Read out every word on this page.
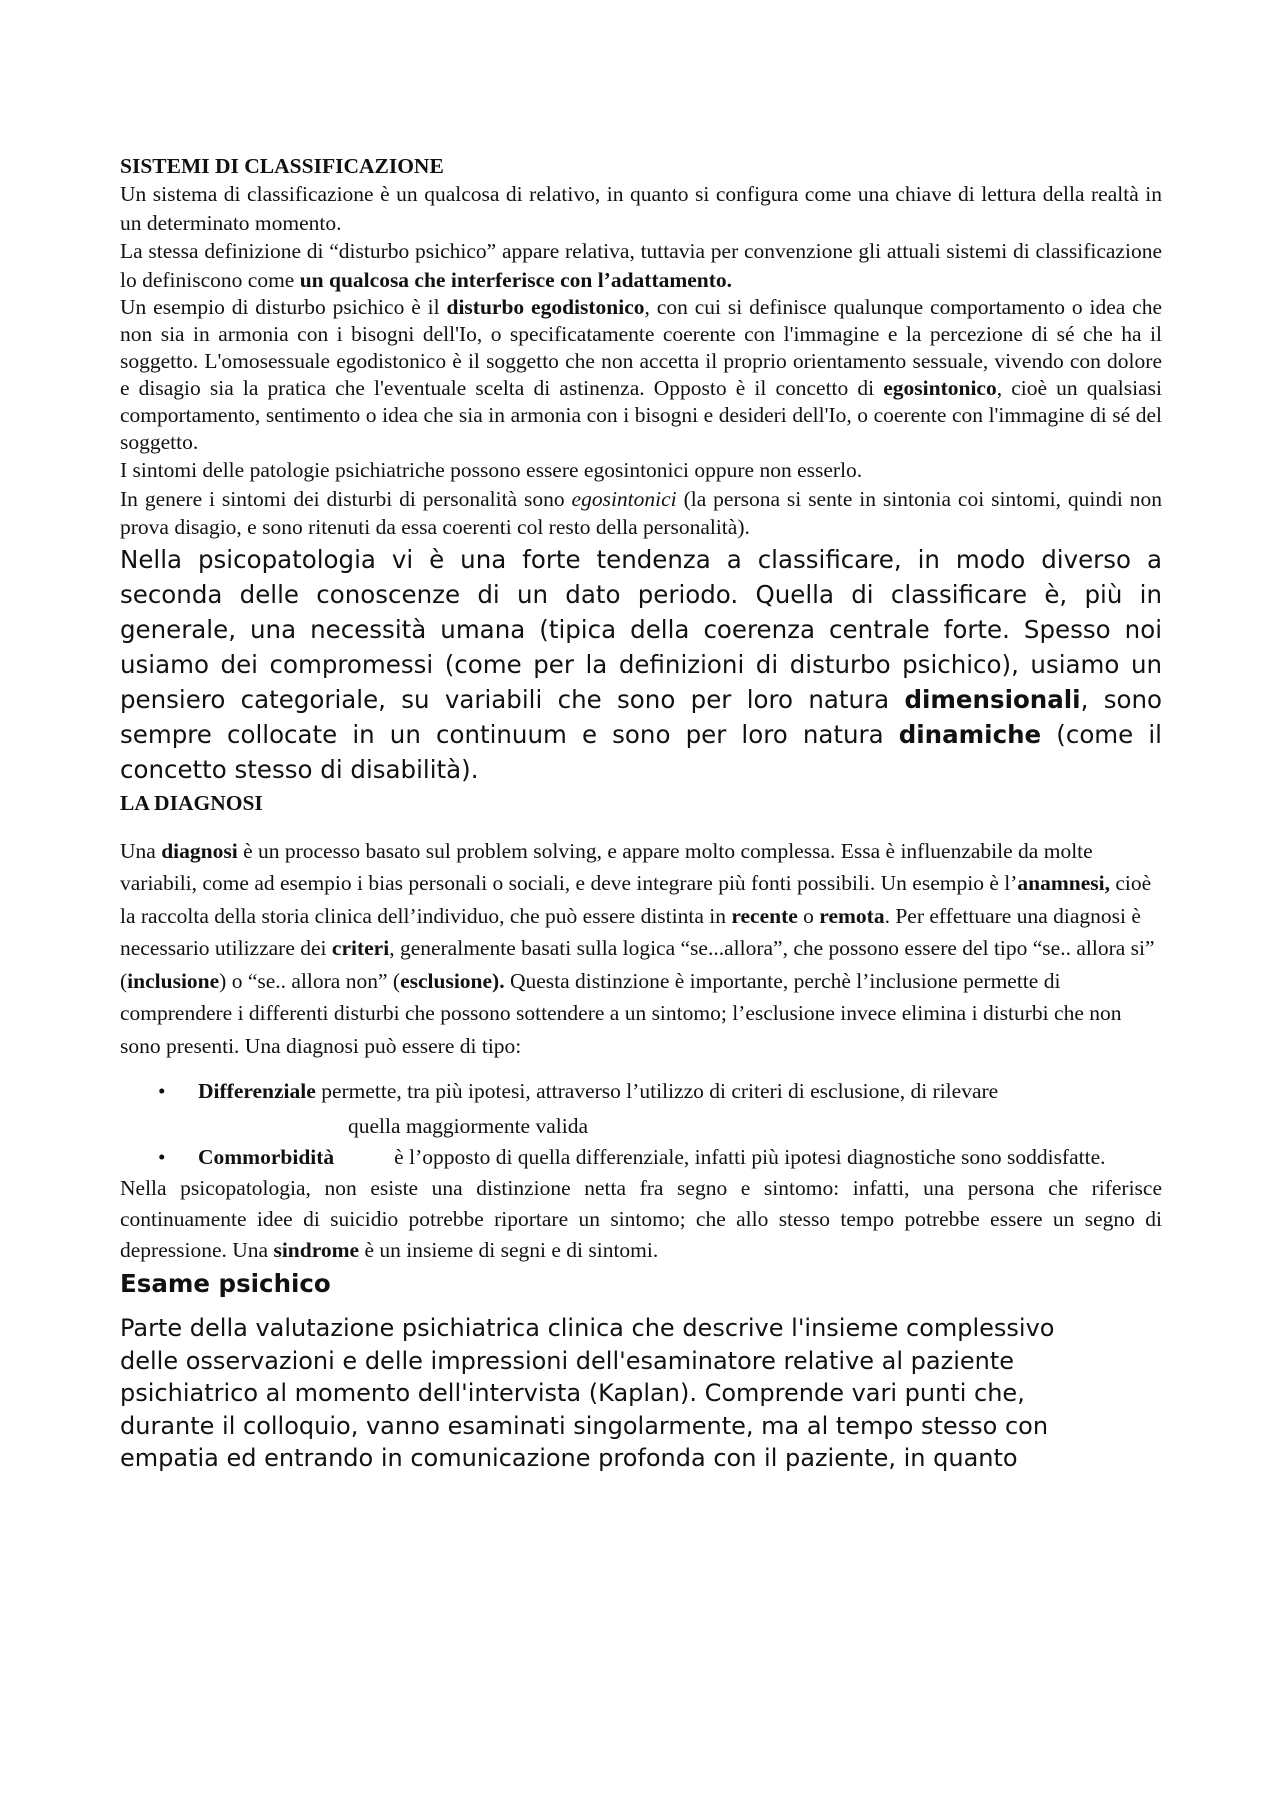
SISTEMI DI CLASSIFICAZIONE

Un sistema di classificazione è un qualcosa di relativo, in quanto si configura come una chiave di lettura della realtà in un determinato momento.

La stessa definizione di “disturbo psichico” appare relativa, tuttavia per convenzione gli attuali sistemi di classificazione lo definiscono come un qualcosa che interferisce con l’adattamento.

Un esempio di disturbo psichico è il disturbo egodistonico, con cui si definisce qualunque comportamento o idea che non sia in armonia con i bisogni dell'Io, o specificatamente coerente con l'immagine e la percezione di sé che ha il soggetto. L'omosessuale egodistonico è il soggetto che non accetta il proprio orientamento sessuale, vivendo con dolore e disagio sia la pratica che l'eventuale scelta di astinenza. Opposto è il concetto di egosintonico, cioè un qualsiasi comportamento, sentimento o idea che sia in armonia con i bisogni e desideri dell'Io, o coerente con l'immagine di sé del soggetto.

I sintomi delle patologie psichiatriche possono essere egosintonici oppure non esserlo.

In genere i sintomi dei disturbi di personalità sono egosintonici (la persona si sente in sintonia coi sintomi, quindi non prova disagio, e sono ritenuti da essa coerenti col resto della personalità).

Nella psicopatologia vi è una forte tendenza a classificare, in modo diverso a seconda delle conoscenze di un dato periodo. Quella di classificare è, più in generale, una necessità umana (tipica della coerenza centrale forte. Spesso noi usiamo dei compromessi (come per la definizioni di disturbo psichico), usiamo un pensiero categoriale, su variabili che sono per loro natura dimensionali, sono sempre collocate in un continuum e sono per loro natura dinamiche (come il concetto stesso di disabilità).

LA DIAGNOSI

Una diagnosi è un processo basato sul problem solving, e appare molto complessa. Essa è influenzabile da molte variabili, come ad esempio i bias personali o sociali, e deve integrare più fonti possibili. Un esempio è l’anamnesi, cioè la raccolta della storia clinica dell’individuo, che può essere distinta in recente o remota. Per effettuare una diagnosi è necessario utilizzare dei criteri, generalmente basati sulla logica “se...allora”, che possono essere del tipo “se.. allora si” (inclusione) o “se.. allora non” (esclusione). Questa distinzione è importante, perchè l’inclusione permette di comprendere i differenti disturbi che possono sottendere a un sintomo; l’esclusione invece elimina i disturbi che non sono presenti. Una diagnosi può essere di tipo:

• Differenziale permette, tra più ipotesi, attraverso l’utilizzo di criteri di esclusione, di rilevare
quella maggiormente valida
• Commorbidità	è l’opposto di quella differenziale, infatti più ipotesi diagnostiche sono soddisfatte.

Nella psicopatologia, non esiste una distinzione netta fra segno e sintomo: infatti, una persona che riferisce continuamente idee di suicidio potrebbe riportare un sintomo; che allo stesso tempo potrebbe essere un segno di depressione. Una sindrome è un insieme di segni e di sintomi.

Esame psichico
Parte della valutazione psichiatrica clinica che descrive l'insieme complessivo
delle osservazioni e delle impressioni dell'esaminatore relative al paziente
psichiatrico al momento dell'intervista (Kaplan). Comprende vari punti che,
durante il colloquio, vanno esaminati singolarmente, ma al tempo stesso con
empatia ed entrando in comunicazione profonda con il paziente, in quanto
